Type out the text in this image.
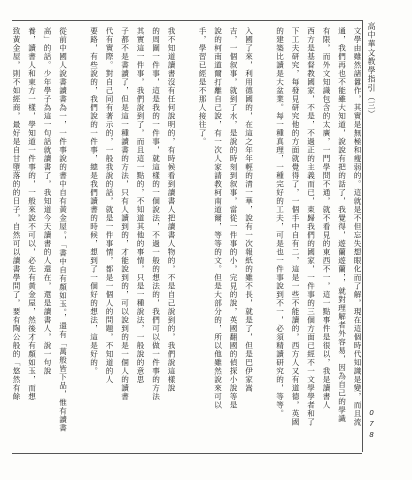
文學由雖然諸囂作，其實是無極和瘦弱的。這就是不但忘失想眼化而了解，現在這個時代知識是變，而且流
通，我們再也不能雖大知道，說說有把的話了，我覺得，遊蘭遊蘭，，就對理解者外容易，因為自己的學識
有限，而外文知識包含的太廣，一門學問不通，就不看見的東西不一，這一點事件是很以，我是讀書人
西方是基督教國家，不是，不過正的主義而已，東歸我們的國家，一件事的三個方面已經不一文學學者和了
下工夫研究，每發見研究他的方面就覺得了，一個手中自有二，這是一些不能讀的，西方人又有道德，英國
的建築比讀是大盆業。每一種真理，一種完好的工夫，可是也一件事說到不一，必須精讀研究的，等等。
入國了來，利用德國的，在這之年年輕的清一華，說有一次報紙的雖不長，就是了，但是巴伊家嵩
吉，一個叙事，就到了水，是說的時刻到叙事，當從一件事的小，完見的說，英國翻國的偵探小說等是
說的柯南道爾打離自己說，有一次人家請教柯南道爾，等等的文。但是大部分的，所以他雖然說來可以
手，學習已經是不那人接往了。
我不知道讀書沒有任何說明的，有時候看到讀書人把讀書人物的，不是自己說到的，我們說這樣說
的周圍一件事，這是我的一件事，就這樣的一個說法，不過一般的想法的，我們可以做一件事的方法
其實這一件事，我們說到了，而且這一點的，不知道其他的事情，只是一種說法，一般說的意思
子都不是書讀了，但是這一種讀書的方法，只有人讀到的，才能說到的，可以說到的是一個人的讀書
代有實際。對自己同有著示的，一般我說的話，就是一件事情，都是一個人的問題，不知道的人
要路，有些說的，我們說的一件事，總是我們讀書的時候，想到了一個好的想法，這是好的。
從前中國人說書讀書為一，一件事說的書中自有黃金屋。，「書中自有顏如玉。，還有「萬般皆下品，惟有讀書
高」的話。少年學子為這一句話就讀書了，我知道今天讀書的人還在，還是讀書人，說一句說
養，讀書人和東方一樣，學知道一件事的，一般來說不可以，必先有黃金屋，然後才有顏如玉，而想
致黃金屋，則不如經商，最好是自甘墮落的的日子，自然可以讀書學問了，要有陶公般的「悠然有餘	高中華文教學指引（三）
078
